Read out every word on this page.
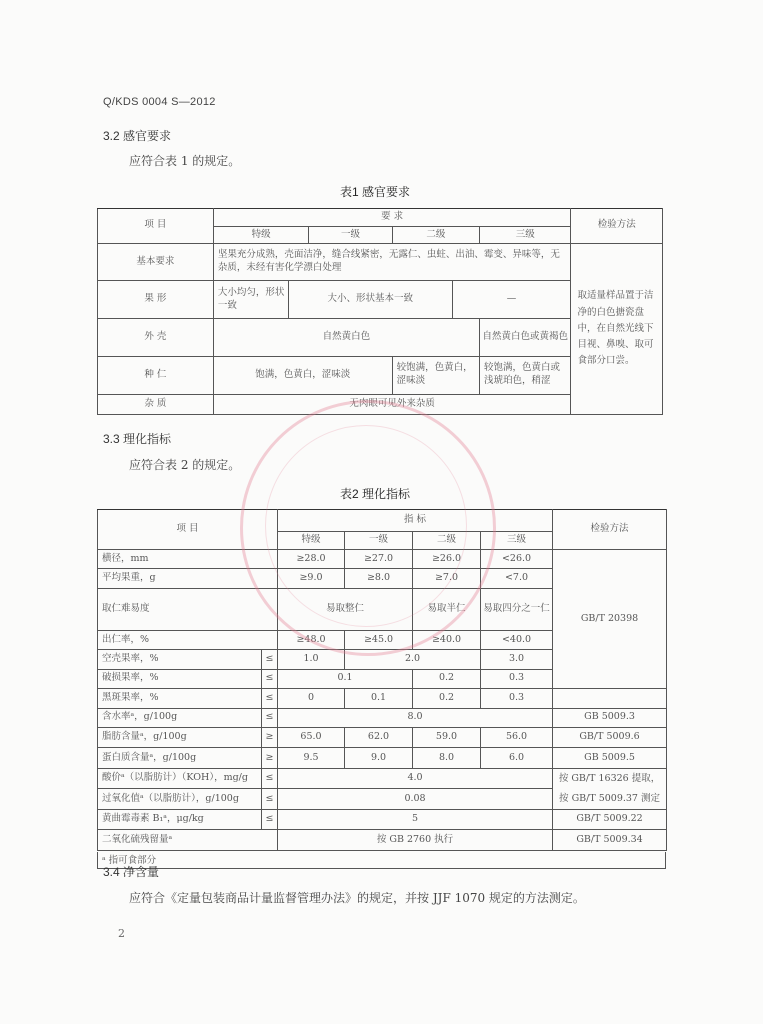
Q/KDS 0004 S—2012
3.2 感官要求
应符合表 1 的规定。
表1 感官要求
项 目	要 求						检验方法
	特级		一级	二级		三级	
基本要求	坚果充分成熟，壳面洁净，缝合线紧密，无露仁、虫蛀、出油、霉变、异味等，无杂质，未经有害化学漂白处理						取适量样品置于洁净的白色搪瓷盘中，在自然光线下目视、鼻嗅、取可食部分口尝。
果 形	大小均匀，形状一致	大小、形状基本一致			—		
外 壳	自然黄白色					自然黄白色或黄褐色	
种 仁	饱满，色黄白，涩味淡			较饱满，色黄白，涩味淡		较饱满，色黄白或浅琥珀色，稍涩	
杂 质	无肉眼可见外来杂质						
3.3 理化指标
应符合表 2 的规定。
表2 理化指标
项 目		指 标				检验方法
		特级	一级	二级	三级	
横径，mm		≥28.0	≥27.0	≥26.0	<26.0	GB/T 20398
平均果重，g		≥9.0	≥8.0	≥7.0	<7.0	
取仁难易度		易取整仁		易取半仁	易取四分之一仁	
出仁率，%		≥48.0	≥45.0	≥40.0	<40.0	
空壳果率，%	≤	1.0	2.0		3.0	
破损果率，%	≤	0.1		0.2	0.3	
黑斑果率，%	≤	0	0.1	0.2	0.3	
含水率ᵃ，g/100g	≤	8.0				GB 5009.3
脂肪含量ᵃ，g/100g	≥	65.0	62.0	59.0	56.0	GB/T 5009.6
蛋白质含量ᵃ，g/100g	≥	9.5	9.0	8.0	6.0	GB 5009.5
酸价ᵃ（以脂肪计）（KOH），mg/g	≤	4.0				按 GB/T 16326 提取，
过氧化值ᵃ（以脂肪计），g/100g	≤	0.08				按 GB/T 5009.37 测定
黄曲霉毒素 B₁ᵃ，μg/kg	≤	5				GB/T 5009.22
二氧化硫残留量ᵃ		按 GB 2760 执行				GB/T 5009.34
ᵃ 指可食部分
3.4 净含量
应符合《定量包装商品计量监督管理办法》的规定，并按 JJF 1070 规定的方法测定。
2
